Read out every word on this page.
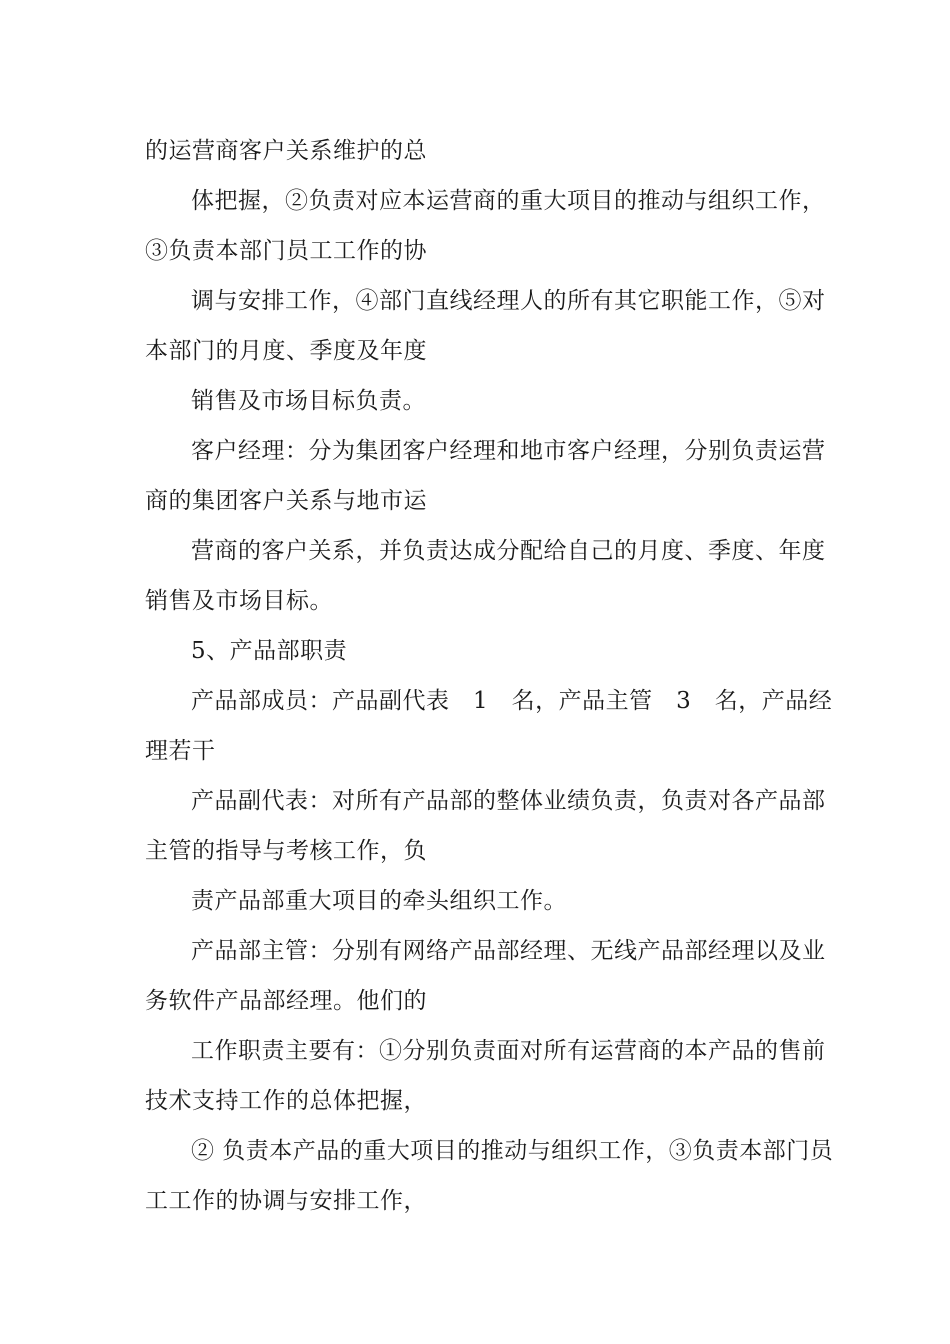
的运营商客户关系维护的总
体把握，②负责对应本运营商的重大项目的推动与组织工作，
③负责本部门员工工作的协
调与安排工作，④部门直线经理人的所有其它职能工作，⑤对
本部门的月度、季度及年度
销售及市场目标负责。
客户经理：分为集团客户经理和地市客户经理，分别负责运营
商的集团客户关系与地市运
营商的客户关系，并负责达成分配给自己的月度、季度、年度
销售及市场目标。
5、产品部职责
产品部成员：产品副代表　1　名，产品主管　3　名，产品经
理若干
产品副代表：对所有产品部的整体业绩负责，负责对各产品部
主管的指导与考核工作，负
责产品部重大项目的牵头组织工作。
产品部主管：分别有网络产品部经理、无线产品部经理以及业
务软件产品部经理。他们的
工作职责主要有：①分别负责面对所有运营商的本产品的售前
技术支持工作的总体把握，
② 负责本产品的重大项目的推动与组织工作，③负责本部门员
工工作的协调与安排工作，
